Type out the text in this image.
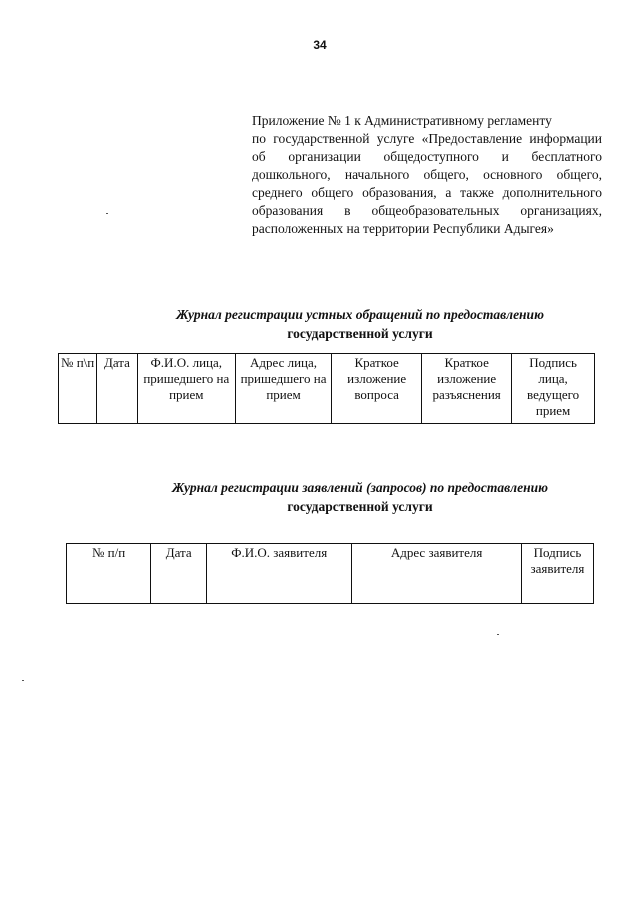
34
Приложение № 1 к Административному регламенту
по государственной услуге «Предоставление информации об организации общедоступного и бесплатного дошкольного, начального общего, основного общего, среднего общего образования, а также дополнительного образования в общеобразовательных организациях, расположенных на территории Республики Адыгея»
Журнал регистрации устных обращений по предоставлению
государственной услуги
№ п\п	Дата	Ф.И.О. лица, пришедшего на прием	Адрес лица, пришедшего на прием	Краткое изложение вопроса	Краткое изложение разъяснения	Подпись лица, ведущего прием
Журнал регистрации заявлений (запросов) по предоставлению
государственной услуги
№ п/п	Дата	Ф.И.О. заявителя	Адрес заявителя	Подпись заявителя
